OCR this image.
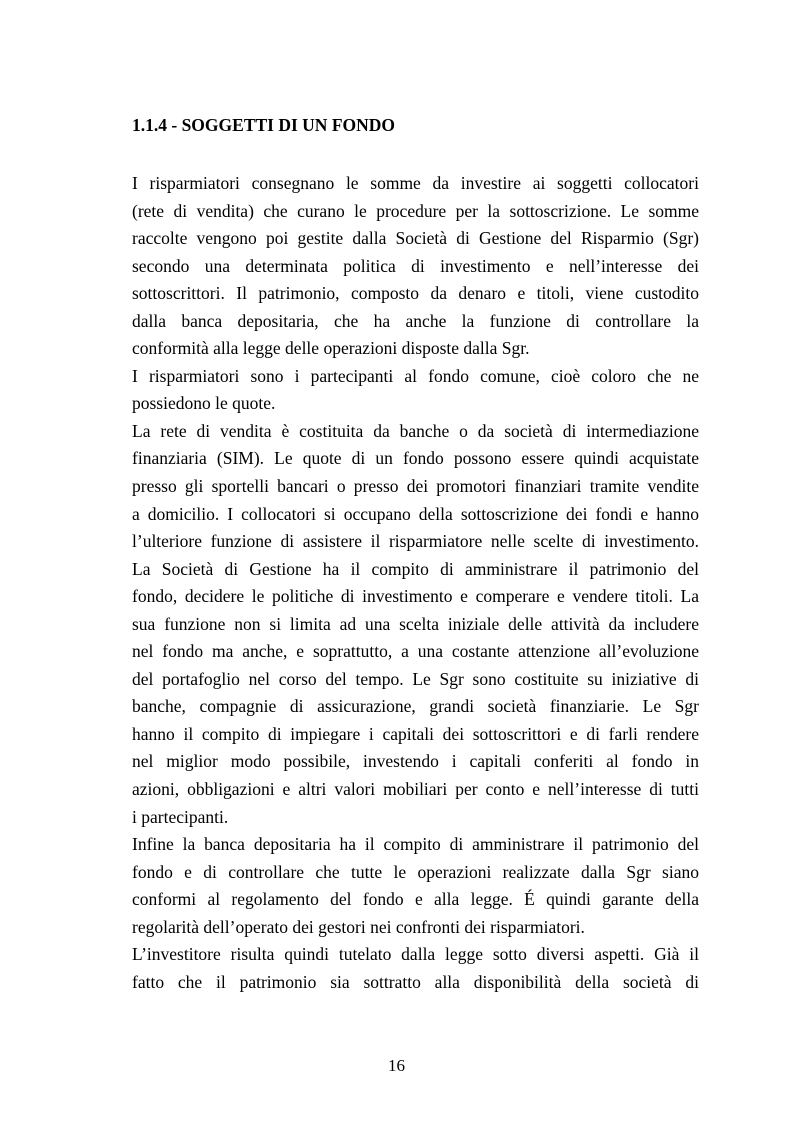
1.1.4 - SOGGETTI DI UN FONDO
I risparmiatori consegnano le somme da investire ai soggetti collocatori
(rete di vendita) che curano le procedure per la sottoscrizione. Le somme
raccolte vengono poi gestite dalla Società di Gestione del Risparmio (Sgr)
secondo una determinata politica di investimento e nell’interesse dei
sottoscrittori. Il patrimonio, composto da denaro e titoli, viene custodito
dalla banca depositaria, che ha anche la funzione di controllare la
conformità alla legge delle operazioni disposte dalla Sgr.
I risparmiatori sono i partecipanti al fondo comune, cioè coloro che ne
possiedono le quote.
La rete di vendita è costituita da banche o da società di intermediazione
finanziaria (SIM). Le quote di un fondo possono essere quindi acquistate
presso gli sportelli bancari o presso dei promotori finanziari tramite vendite
a domicilio. I collocatori si occupano della sottoscrizione dei fondi e hanno
l’ulteriore funzione di assistere il risparmiatore nelle scelte di investimento.
La Società di Gestione ha il compito di amministrare il patrimonio del
fondo, decidere le politiche di investimento e comperare e vendere titoli. La
sua funzione non si limita ad una scelta iniziale delle attività da includere
nel fondo ma anche, e soprattutto, a una costante attenzione all’evoluzione
del portafoglio nel corso del tempo. Le Sgr sono costituite su iniziative di
banche, compagnie di assicurazione, grandi società finanziarie. Le Sgr
hanno il compito di impiegare i capitali dei sottoscrittori e di farli rendere
nel miglior modo possibile, investendo i capitali conferiti al fondo in
azioni, obbligazioni e altri valori mobiliari per conto e nell’interesse di tutti
i partecipanti.
Infine la banca depositaria ha il compito di amministrare il patrimonio del
fondo e di controllare che tutte le operazioni realizzate dalla Sgr siano
conformi al regolamento del fondo e alla legge. É quindi garante della
regolarità dell’operato dei gestori nei confronti dei risparmiatori.
L’investitore risulta quindi tutelato dalla legge sotto diversi aspetti. Già il
fatto che il patrimonio sia sottratto alla disponibilità della società di
16
